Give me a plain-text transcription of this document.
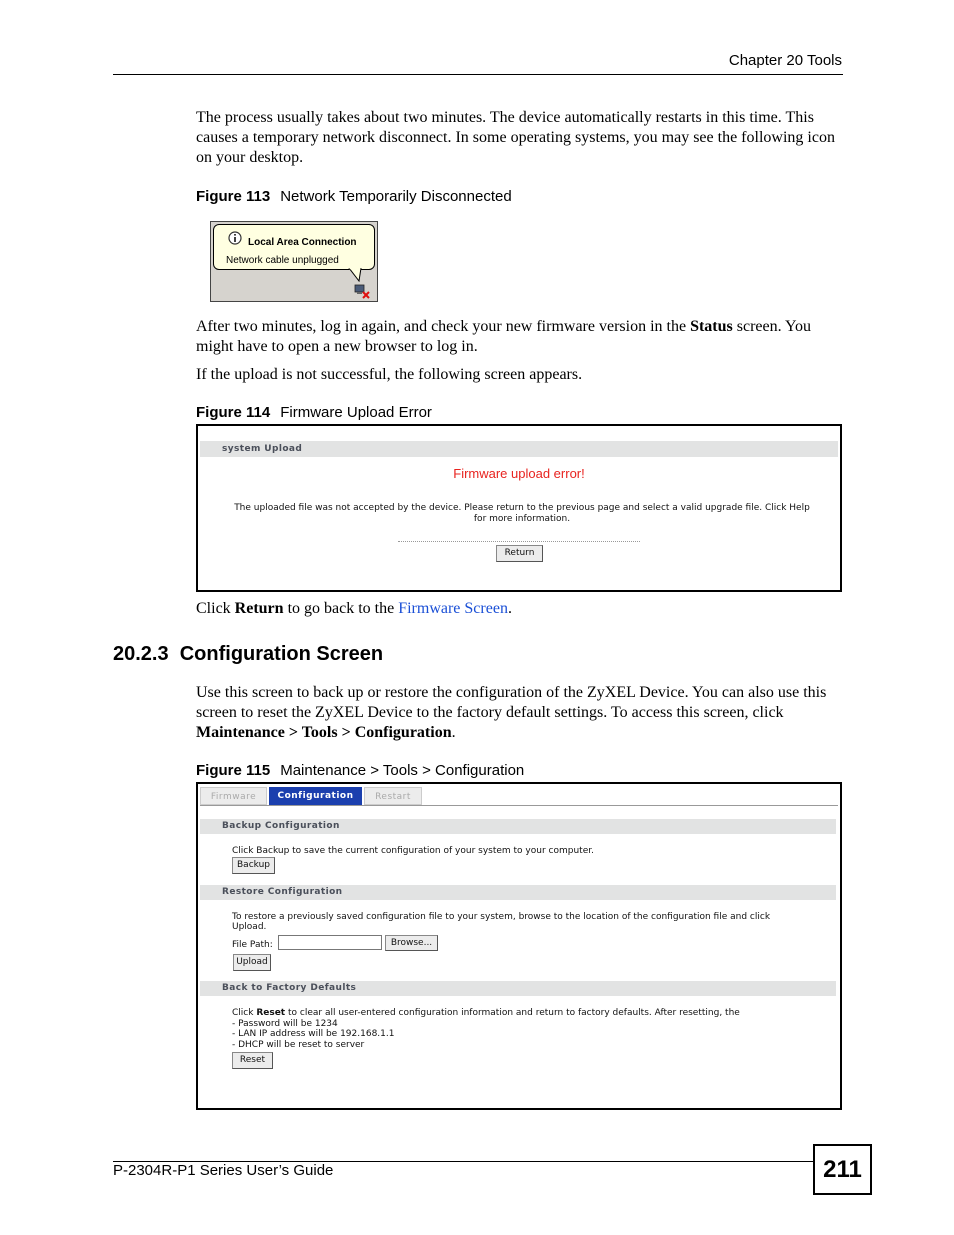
Chapter 20 Tools
The process usually takes about two minutes. The device automatically restarts in this time. This causes a temporary network disconnect. In some operating systems, you may see the following icon on your desktop.
Figure 113 Network Temporarily Disconnected
Local Area Connection
Network cable unplugged
After two minutes, log in again, and check your new firmware version in the Status screen. You might have to open a new browser to log in.
If the upload is not successful, the following screen appears.
Figure 114 Firmware Upload Error
system Upload
Firmware upload error!
The uploaded file was not accepted by the device. Please return to the previous page and select a valid upgrade file. Click Help for more information.
Return
Click Return to go back to the Firmware Screen.
20.2.3  Configuration Screen
Use this screen to back up or restore the configuration of the ZyXEL Device. You can also use this screen to reset the ZyXEL Device to the factory default settings. To access this screen, click Maintenance > Tools > Configuration.
Figure 115 Maintenance > Tools > Configuration
Firmware	Configuration	Restart
Backup Configuration
Click Backup to save the current configuration of your system to your computer.
Backup
Restore Configuration
To restore a previously saved configuration file to your system, browse to the location of the configuration file and click Upload.
File Path:	Browse...
Upload
Back to Factory Defaults
Click Reset to clear all user-entered configuration information and return to factory defaults. After resetting, the
- Password will be 1234
- LAN IP address will be 192.168.1.1
- DHCP will be reset to server
Reset
P-2304R-P1 Series User’s Guide	211
